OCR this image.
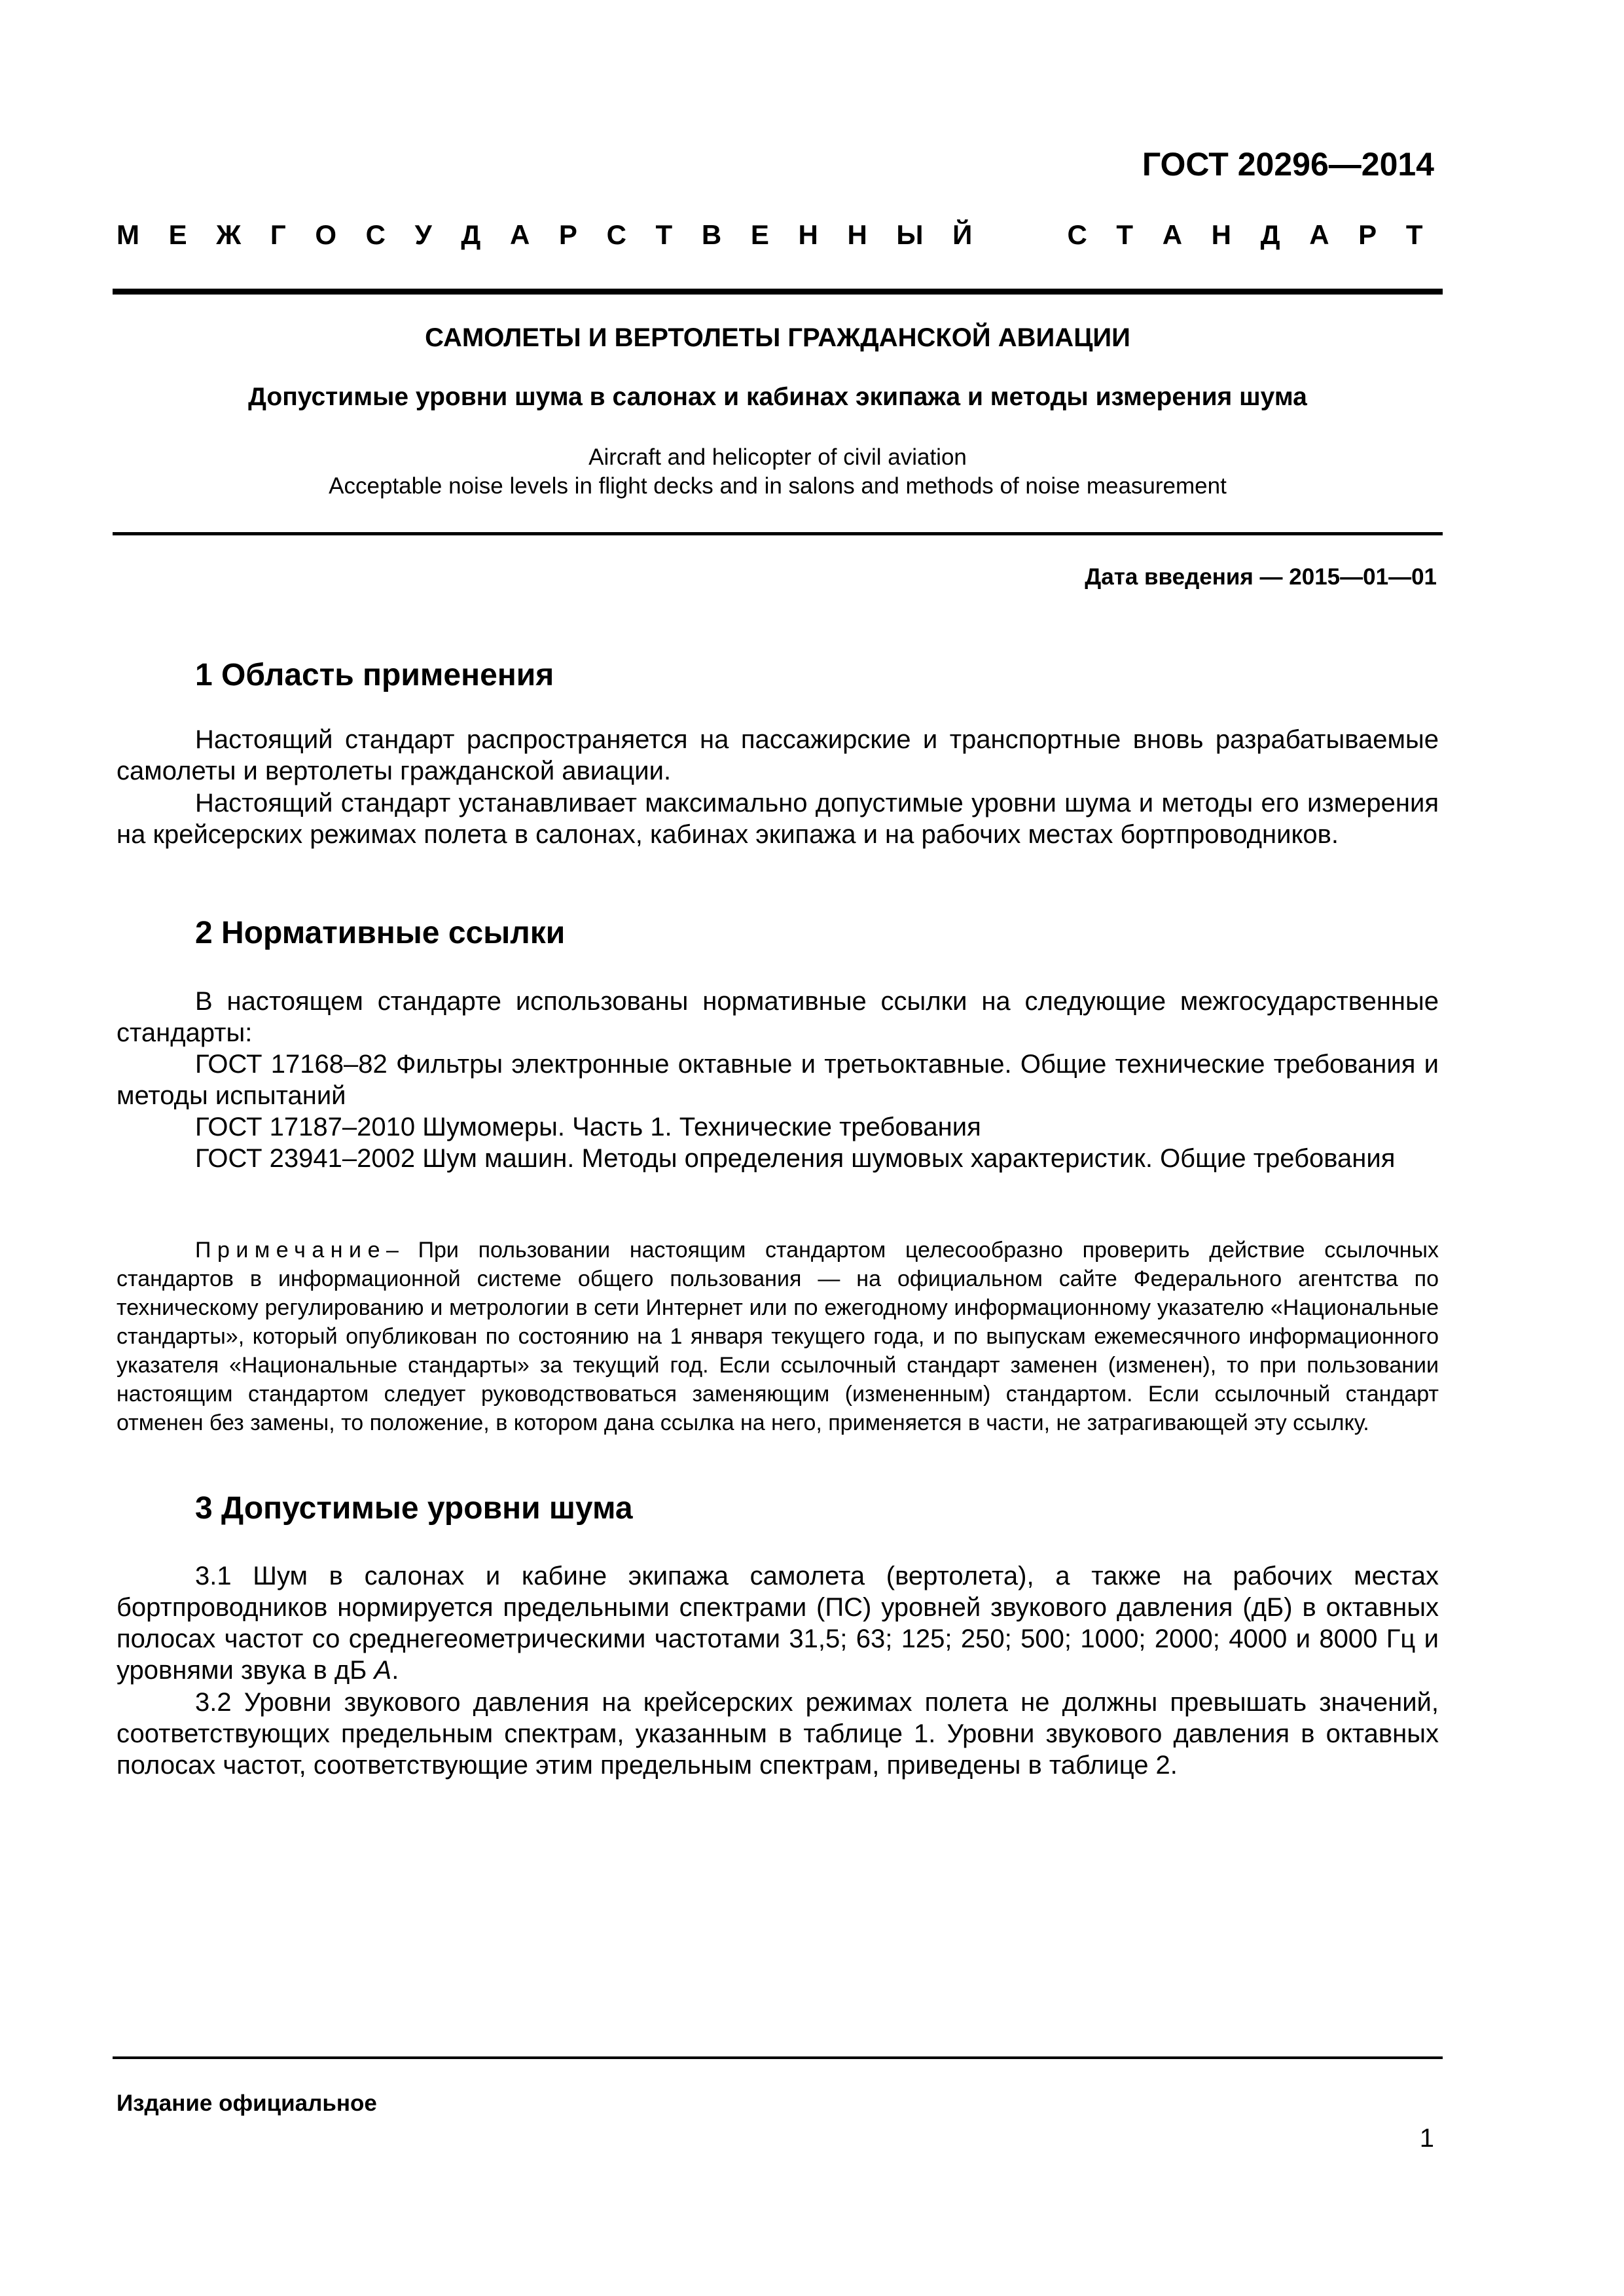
ГОСТ 20296—2014
М Е Ж Г О С У Д А Р С Т В Е Н Н Ы Й	С Т А Н Д А Р Т
САМОЛЕТЫ И ВЕРТОЛЕТЫ ГРАЖДАНСКОЙ АВИАЦИИ
Допустимые уровни шума в салонах и кабинах экипажа и методы измерения шума
Aircraft and helicopter of civil aviation
Acceptable noise levels in flight decks and in salons and methods of noise measurement
Дата введения — 2015—01—01
1 Область применения

Настоящий стандарт распространяется на пассажирские и транспортные вновь разрабатываемые самолеты и вертолеты гражданской авиации.

Настоящий стандарт устанавливает максимально допустимые уровни шума и методы его измерения на крейсерских режимах полета в салонах, кабинах экипажа и на рабочих местах бортпроводников.

2 Нормативные ссылки

В настоящем стандарте использованы нормативные ссылки на следующие межгосударственные стандарты:

ГОСТ 17168–82 Фильтры электронные октавные и третьоктавные. Общие технические требования и методы испытаний

ГОСТ 17187–2010 Шумомеры. Часть 1. Технические требования

ГОСТ 23941–2002 Шум машин. Методы определения шумовых характеристик. Общие требования

Примечание– При пользовании настоящим стандартом целесообразно проверить действие ссылочных стандартов в информационной системе общего пользования — на официальном сайте Федерального агентства по техническому регулированию и метрологии в сети Интернет или по ежегодному информационному указателю «Национальные стандарты», который опубликован по состоянию на 1 января текущего года, и по выпускам ежемесячного информационного указателя «Национальные стандарты» за текущий год. Если ссылочный стандарт заменен (изменен), то при пользовании настоящим стандартом следует руководствоваться заменяющим (измененным) стандартом. Если ссылочный стандарт отменен без замены, то положение, в котором дана ссылка на него, применяется в части, не затрагивающей эту ссылку.

3 Допустимые уровни шума

3.1 Шум в салонах и кабине экипажа самолета (вертолета), а также на рабочих местах бортпроводников нормируется предельными спектрами (ПС) уровней звукового давления (дБ) в октавных полосах частот со среднегеометрическими частотами 31,5; 63; 125; 250; 500; 1000; 2000; 4000 и 8000 Гц и уровнями звука в дБ А.

3.2 Уровни звукового давления на крейсерских режимах полета не должны превышать значений, соответствующих предельным спектрам, указанным в таблице 1. Уровни звукового давления в октавных полосах частот, соответствующие этим предельным спектрам, приведены в таблице 2.

Издание официальное
1
